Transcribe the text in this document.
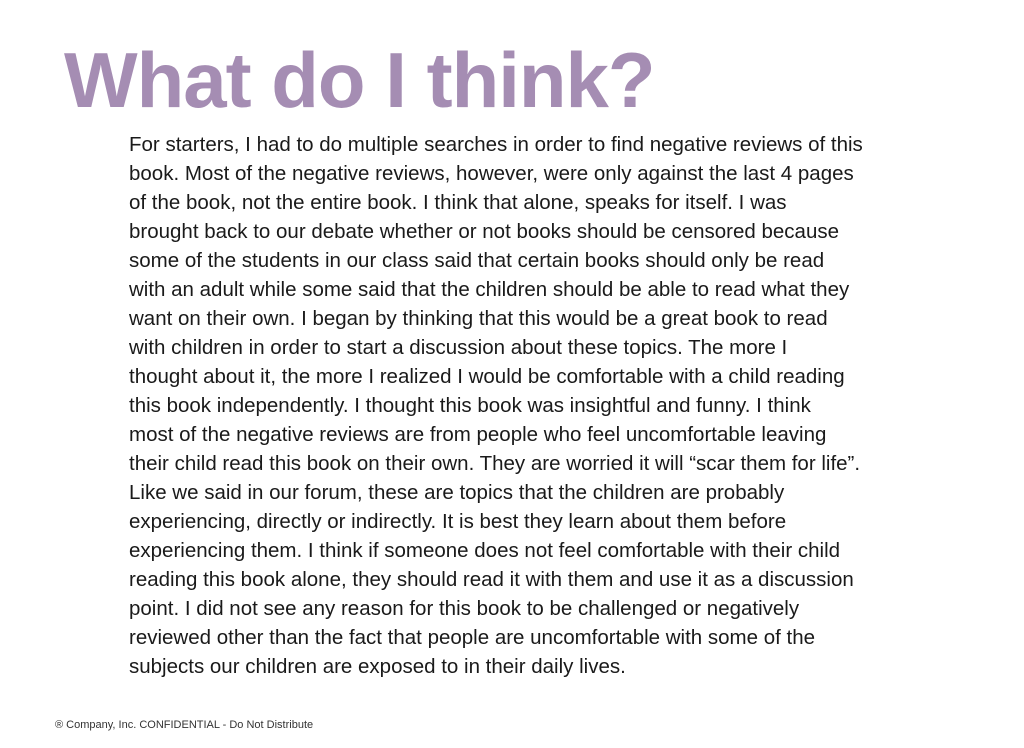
What do I think?
For starters, I had to do multiple searches in order to find negative reviews of this
book. Most of the negative reviews, however, were only against the last 4 pages
of the book, not the entire book. I think that alone, speaks for itself. I was
brought back to our debate whether or not books should be censored because
some of the students in our class said that certain books should only be read
with an adult while some said that the children should be able to read what they
want on their own. I began by thinking that this would be a great book to read
with children in order to start a discussion about these topics. The more I
thought about it, the more I realized I would be comfortable with a child reading
this book independently. I thought this book was insightful and funny. I think
most of the negative reviews are from people who feel uncomfortable leaving
their child read this book on their own. They are worried it will “scar them for life”.
Like we said in our forum, these are topics that the children are probably
experiencing, directly or indirectly. It is best they learn about them before
experiencing them. I think if someone does not feel comfortable with their child
reading this book alone, they should read it with them and use it as a discussion
point. I did not see any reason for this book to be challenged or negatively
reviewed other than the fact that people are uncomfortable with some of the
subjects our children are exposed to in their daily lives.

® Company, Inc. CONFIDENTIAL - Do Not Distribute
